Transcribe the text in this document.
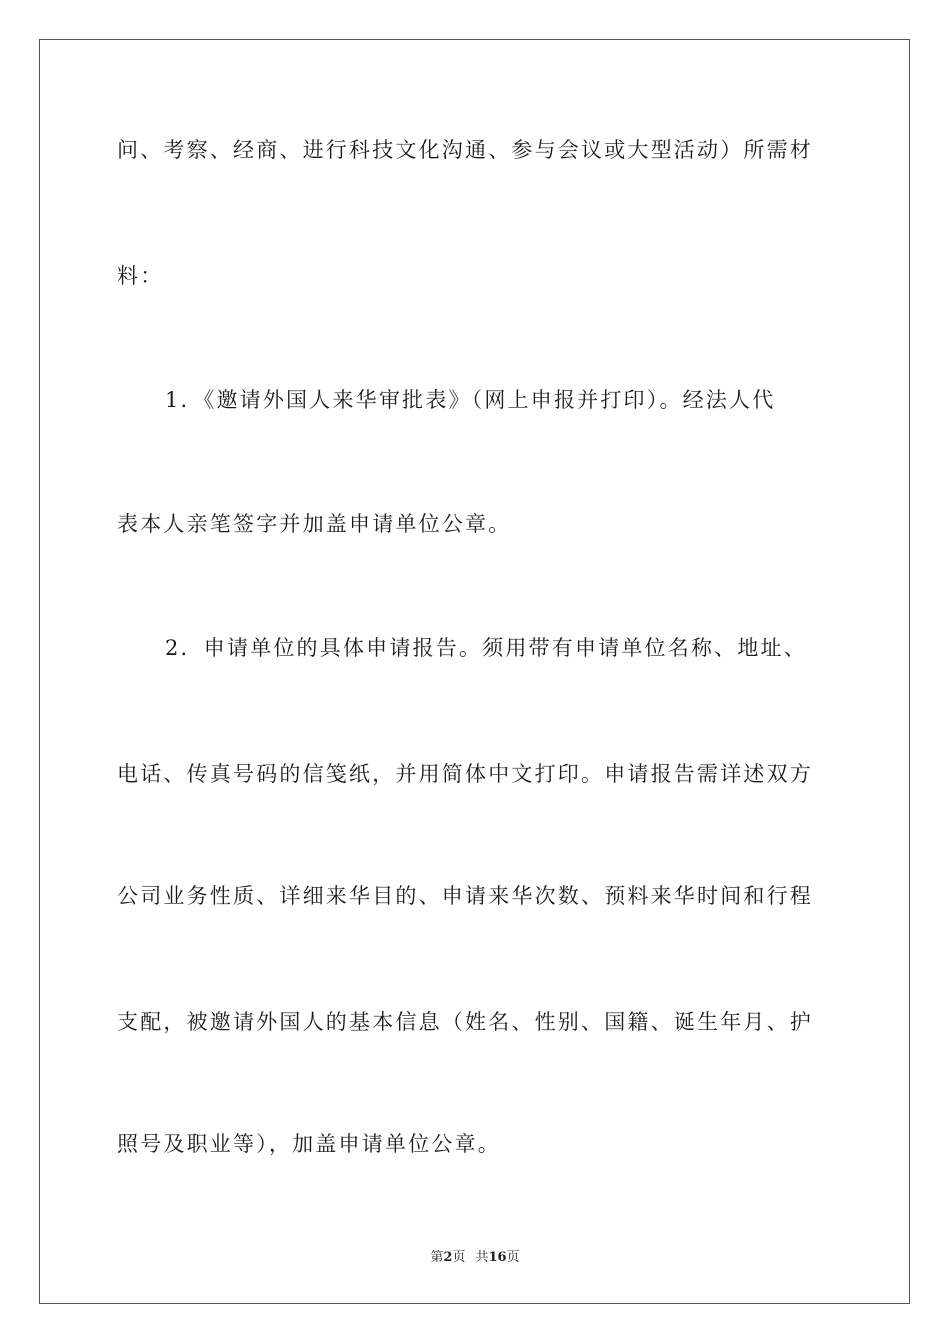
问、考察、经商、进行科技文化沟通、参与会议或大型活动）所需材
料：
1．《邀请外国人来华审批表》（网上申报并打印）。经法人代
表本人亲笔签字并加盖申请单位公章。
2．申请单位的具体申请报告。须用带有申请单位名称、地址、
电话、传真号码的信笺纸，并用简体中文打印。申请报告需详述双方
公司业务性质、详细来华目的、申请来华次数、预料来华时间和行程
支配，被邀请外国人的基本信息（姓名、性别、国籍、诞生年月、护
照号及职业等），加盖申请单位公章。
第2页 共16页
